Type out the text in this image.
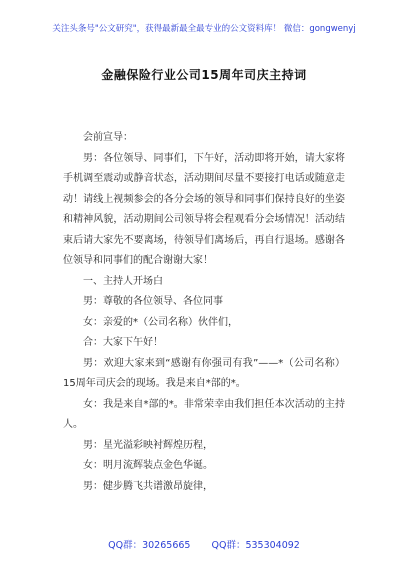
关注头条号"公文研究"，获得最新最全最专业的公文资料库！ 微信：gongwenyj
金融保险行业公司15周年司庆主持词

会前宣导：

男：各位领导、同事们，下午好，活动即将开始，请大家将手机调至震动或静音状态，活动期间尽量不要接打电话或随意走动！请线上视频参会的各分会场的领导和同事们保持良好的坐姿和精神风貌，活动期间公司领导将会程观看分会场情况！活动结束后请大家先不要离场，待领导们离场后，再自行退场。感谢各位领导和同事们的配合谢谢大家！

一、主持人开场白

男：尊敬的各位领导、各位同事

女：亲爱的*（公司名称）伙伴们，

合：大家下午好！

男：欢迎大家来到“感谢有你强司有我”——*（公司名称）15周年司庆会的现场。我是来自*部的*。

女：我是来自*部的*。非常荣幸由我们担任本次活动的主持人。

男：星光溢彩映衬辉煌历程，

女：明月流辉装点金色华诞。

男：健步腾飞共谱激昂旋律，

QQ群：30265665 QQ群：535304092
